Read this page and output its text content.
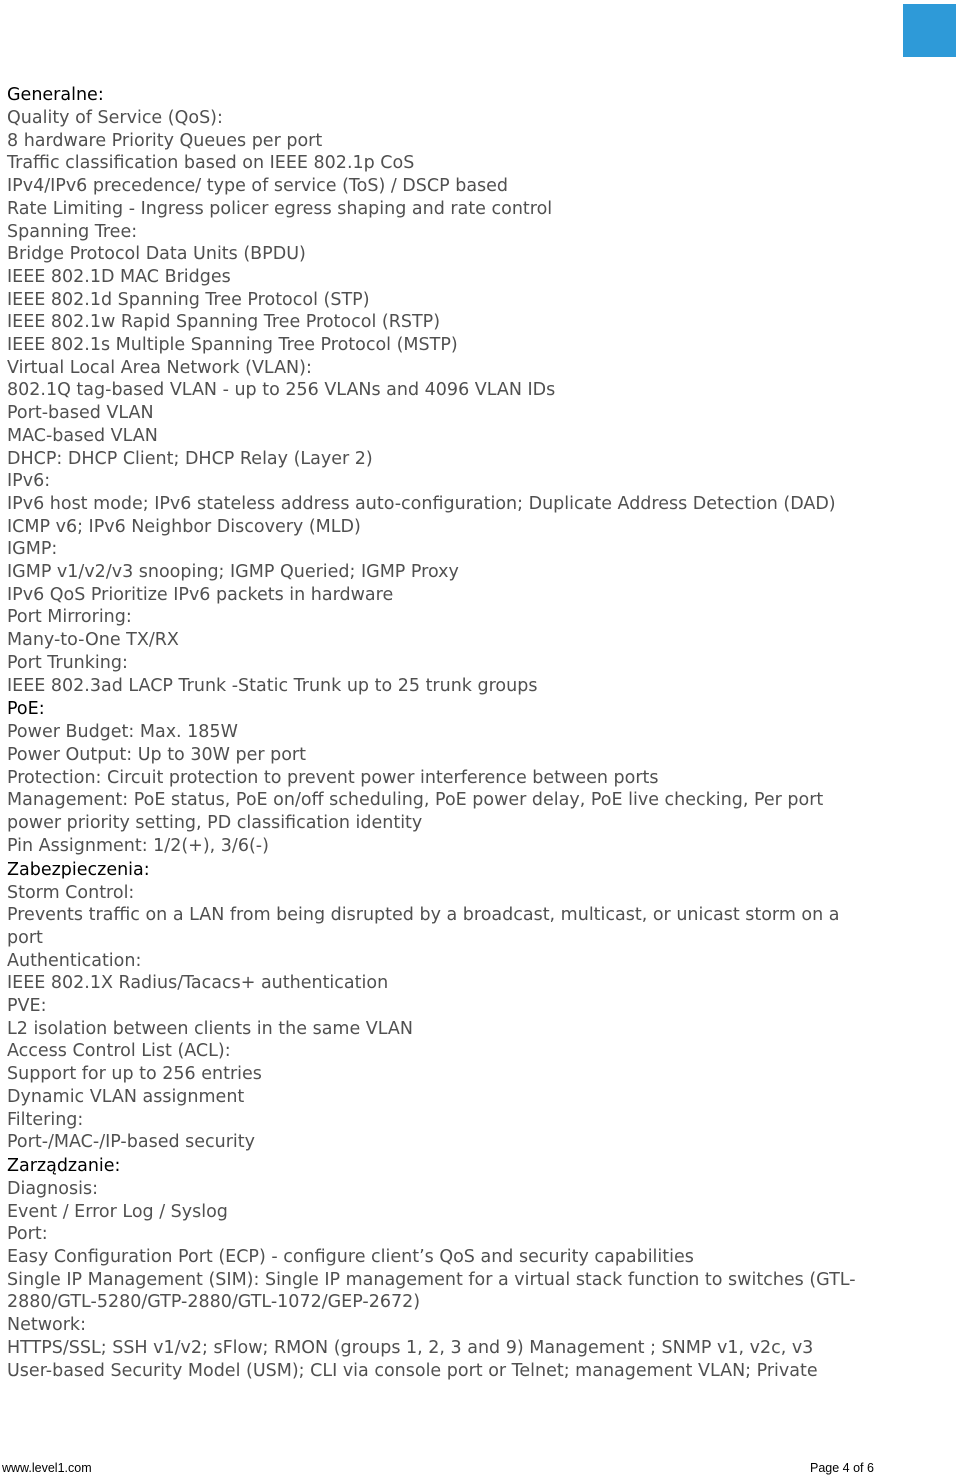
Generalne:
Quality of Service (QoS):
8 hardware Priority Queues per port
Traffic classification based on IEEE 802.1p CoS
IPv4/IPv6 precedence/ type of service (ToS) / DSCP based
Rate Limiting - Ingress policer egress shaping and rate control
Spanning Tree:
Bridge Protocol Data Units (BPDU)
IEEE 802.1D MAC Bridges
IEEE 802.1d Spanning Tree Protocol (STP)
IEEE 802.1w Rapid Spanning Tree Protocol (RSTP)
IEEE 802.1s Multiple Spanning Tree Protocol (MSTP)
Virtual Local Area Network (VLAN):
802.1Q tag-based VLAN - up to 256 VLANs and 4096 VLAN IDs
Port-based VLAN
MAC-based VLAN
DHCP: DHCP Client; DHCP Relay (Layer 2)
IPv6:
IPv6 host mode; IPv6 stateless address auto-configuration; Duplicate Address Detection (DAD)
ICMP v6; IPv6 Neighbor Discovery (MLD)
IGMP:
IGMP v1/v2/v3 snooping; IGMP Queried; IGMP Proxy
IPv6 QoS Prioritize IPv6 packets in hardware
Port Mirroring:
Many-to-One TX/RX
Port Trunking:
IEEE 802.3ad LACP Trunk -Static Trunk up to 25 trunk groups
PoE:
Power Budget: Max. 185W
Power Output: Up to 30W per port
Protection: Circuit protection to prevent power interference between ports
Management: PoE status, PoE on/off scheduling, PoE power delay, PoE live checking, Per port power priority setting, PD classification identity
Pin Assignment: 1/2(+), 3/6(-)
Zabezpieczenia:
Storm Control:
Prevents traffic on a LAN from being disrupted by a broadcast, multicast, or unicast storm on a port
Authentication:
IEEE 802.1X Radius/Tacacs+ authentication
PVE:
L2 isolation between clients in the same VLAN
Access Control List (ACL):
Support for up to 256 entries
Dynamic VLAN assignment
Filtering:
Port-/MAC-/IP-based security
Zarządzanie:
Diagnosis:
Event / Error Log / Syslog
Port:
Easy Configuration Port (ECP) - configure client’s QoS and security capabilities
Single IP Management (SIM): Single IP management for a virtual stack function to switches (GTL-2880/GTL-5280/GTP-2880/GTL-1072/GEP-2672)
Network:
HTTPS/SSL; SSH v1/v2; sFlow; RMON (groups 1, 2, 3 and 9) Management ; SNMP v1, v2c, v3
User-based Security Model (USM); CLI via console port or Telnet; management VLAN; Private
www.level1.com	Page 4 of 6
